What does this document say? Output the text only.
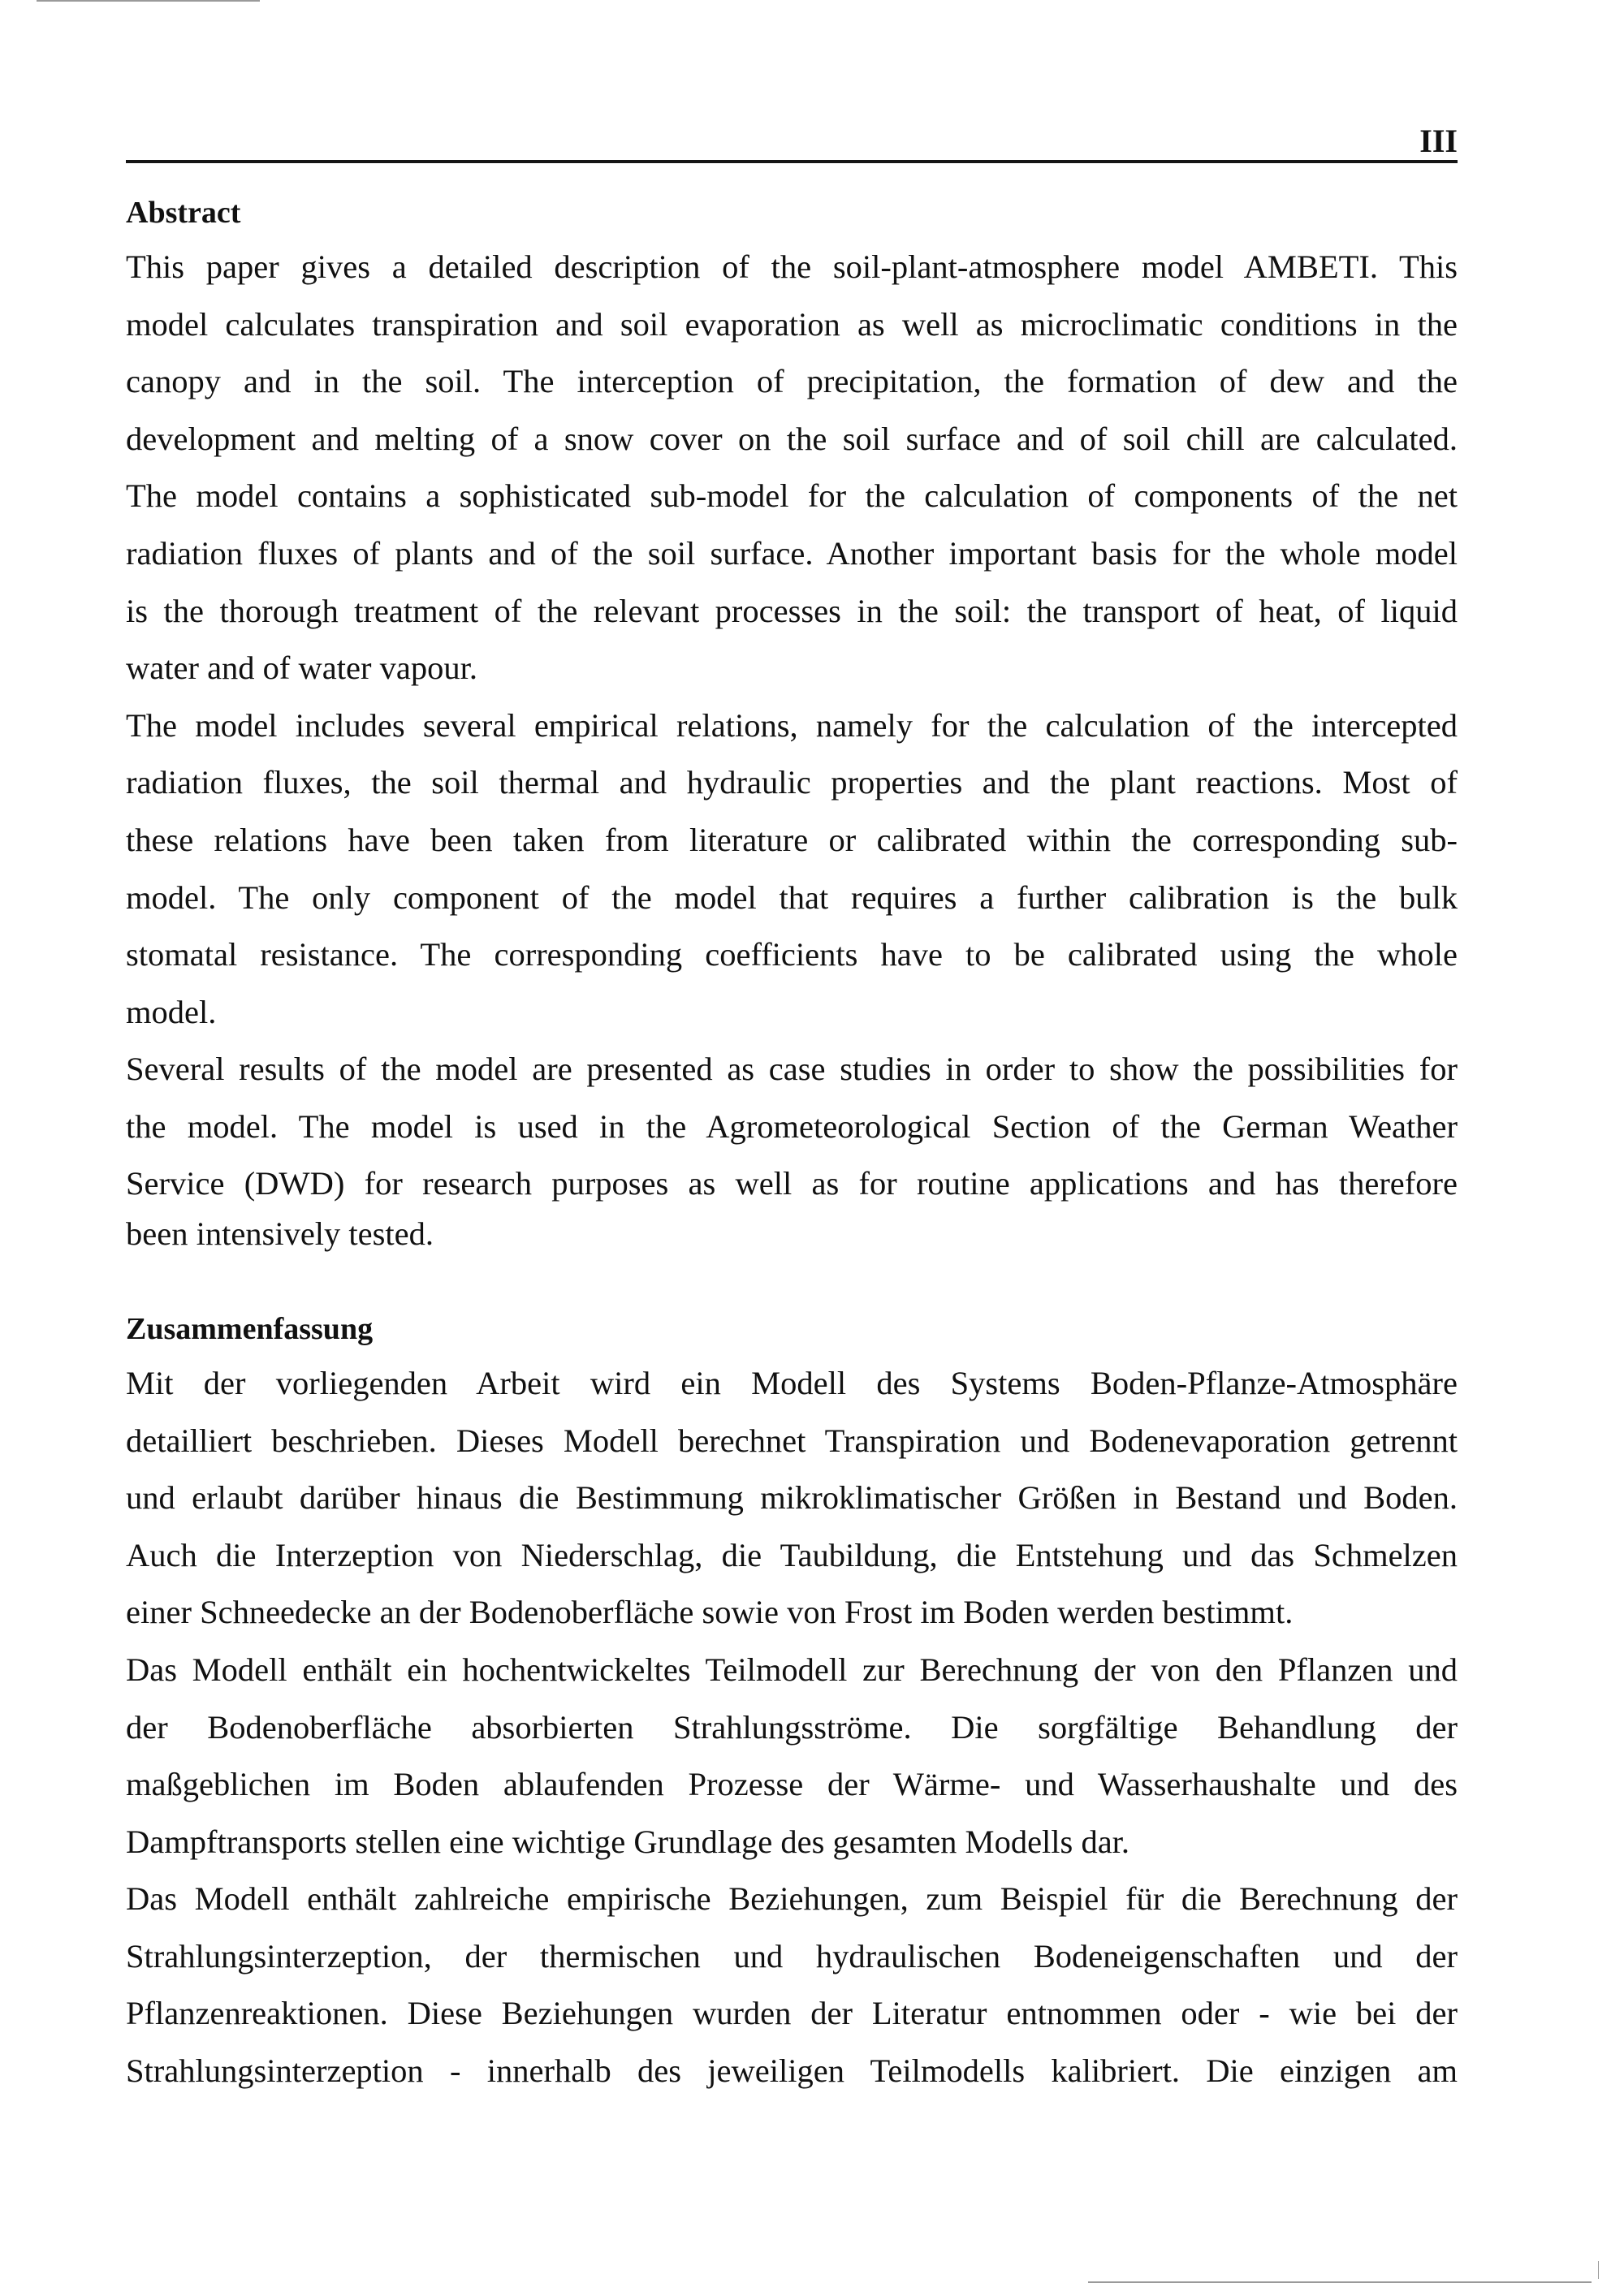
III
Abstract
This paper gives a detailed description of the soil-plant-atmosphere model AMBETI. This
model calculates transpiration and soil evaporation as well as microclimatic conditions in the
canopy and in the soil. The interception of precipitation, the formation of dew and the
development and melting of a snow cover on the soil surface and of soil chill are calculated.
The model contains a sophisticated sub-model for the calculation of components of the net
radiation fluxes of plants and of the soil surface. Another important basis for the whole model
is the thorough treatment of the relevant processes in the soil: the transport of heat, of liquid
water and of water vapour.
The model includes several empirical relations, namely for the calculation of the intercepted
radiation fluxes, the soil thermal and hydraulic properties and the plant reactions. Most of
these relations have been taken from literature or calibrated within the corresponding sub-
model. The only component of the model that requires a further calibration is the bulk
stomatal resistance. The corresponding coefficients have to be calibrated using the whole
model.
Several results of the model are presented as case studies in order to show the possibilities for
the model. The model is used in the Agrometeorological Section of the German Weather
Service (DWD) for research purposes as well as for routine applications and has therefore
been intensively tested.
Zusammenfassung
Mit der vorliegenden Arbeit wird ein Modell des Systems Boden-Pflanze-Atmosphäre
detailliert beschrieben. Dieses Modell berechnet Transpiration und Bodenevaporation getrennt
und erlaubt darüber hinaus die Bestimmung mikroklimatischer Größen in Bestand und Boden.
Auch die Interzeption von Niederschlag, die Taubildung, die Entstehung und das Schmelzen
einer Schneedecke an der Bodenoberfläche sowie von Frost im Boden werden bestimmt.
Das Modell enthält ein hochentwickeltes Teilmodell zur Berechnung der von den Pflanzen und
der Bodenoberfläche absorbierten Strahlungsströme. Die sorgfältige Behandlung der
maßgeblichen im Boden ablaufenden Prozesse der Wärme- und Wasserhaushalte und des
Dampftransports stellen eine wichtige Grundlage des gesamten Modells dar.
Das Modell enthält zahlreiche empirische Beziehungen, zum Beispiel für die Berechnung der
Strahlungsinterzeption, der thermischen und hydraulischen Bodeneigenschaften und der
Pflanzenreaktionen. Diese Beziehungen wurden der Literatur entnommen oder - wie bei der
Strahlungsinterzeption - innerhalb des jeweiligen Teilmodells kalibriert. Die einzigen am
